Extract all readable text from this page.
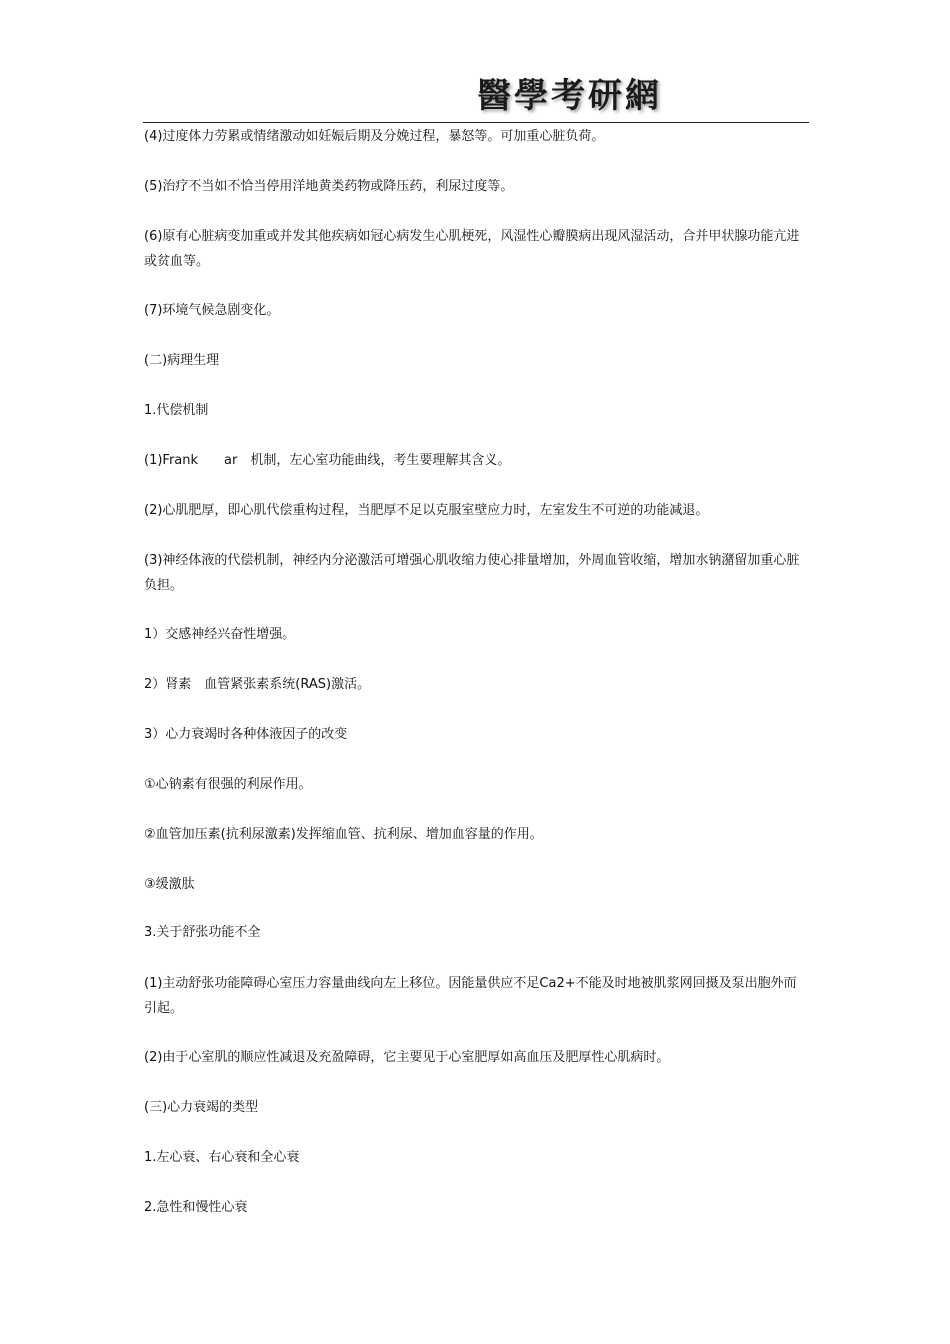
醫學考研網

(4)过度体力劳累或情绪激动如妊娠后期及分娩过程，暴怒等。可加重心脏负荷。

(5)治疗不当如不恰当停用洋地黄类药物或降压药，利尿过度等。

(6)原有心脏病变加重或并发其他疾病如冠心病发生心肌梗死，风湿性心瓣膜病出现风湿活动，合并甲状腺功能亢进或贫血等。

(7)环境气候急剧变化。

(二)病理生理

1.代偿机制

(1)Frank　　ar　机制，左心室功能曲线，考生要理解其含义。

(2)心肌肥厚，即心肌代偿重构过程，当肥厚不足以克服室壁应力时，左室发生不可逆的功能减退。

(3)神经体液的代偿机制，神经内分泌激活可增强心肌收缩力使心排量增加，外周血管收缩，增加水钠潴留加重心脏负担。

1）交感神经兴奋性增强。

2）肾素　血管紧张素系统(RAS)激活。

3）心力衰竭时各种体液因子的改变

①心钠素有很强的利尿作用。

②血管加压素(抗利尿激素)发挥缩血管、抗利尿、增加血容量的作用。

③缓激肽

3.关于舒张功能不全

(1)主动舒张功能障碍心室压力容量曲线向左上移位。因能量供应不足Ca2+不能及时地被肌浆网回摄及泵出胞外而引起。

(2)由于心室肌的顺应性减退及充盈障碍，它主要见于心室肥厚如高血压及肥厚性心肌病时。

(三)心力衰竭的类型

1.左心衰、右心衰和全心衰

2.急性和慢性心衰
